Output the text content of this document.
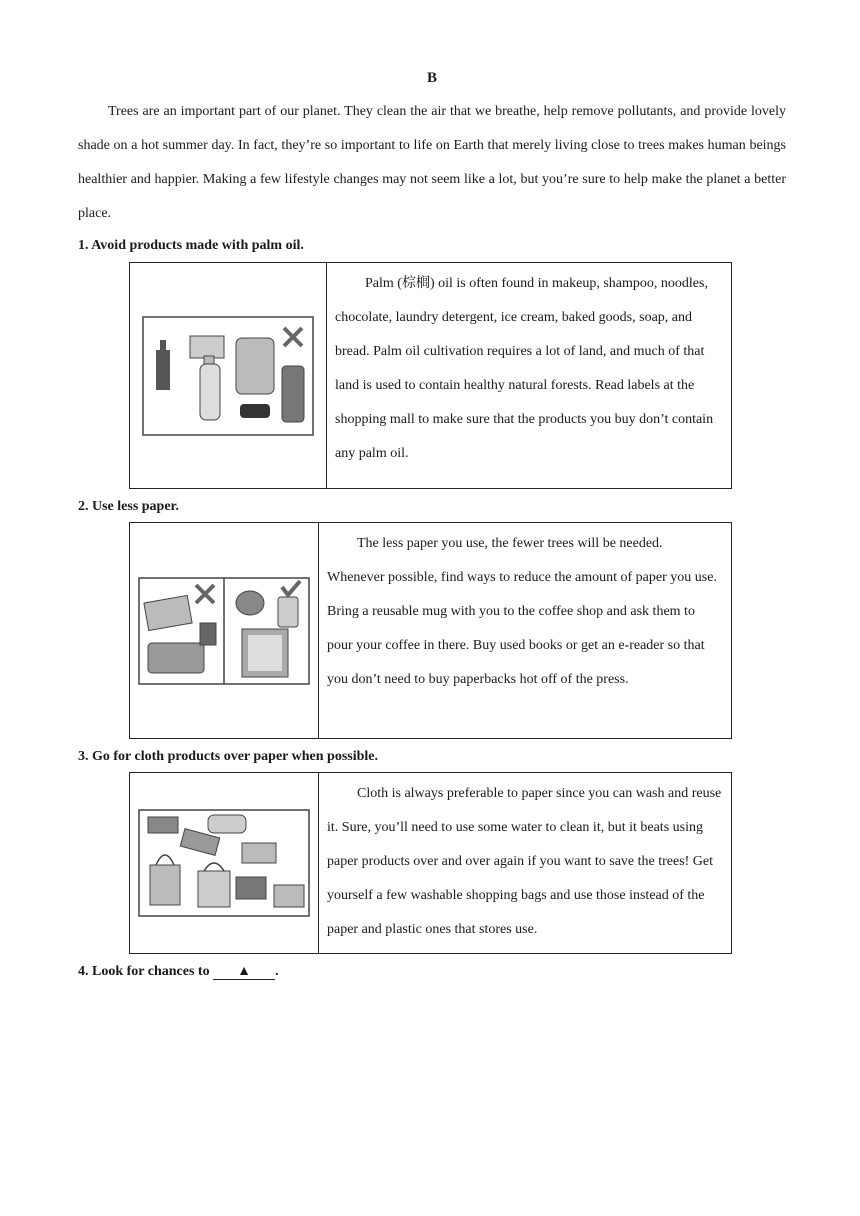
B

Trees are an important part of our planet. They clean the air that we breathe, help remove pollutants, and provide lovely shade on a hot summer day. In fact, they’re so important to life on Earth that merely living close to trees makes human beings healthier and happier. Making a few lifestyle changes may not seem like a lot, but you’re sure to help make the planet a better place.

1. Avoid products made with palm oil.

Palm (棕榈) oil is often found in makeup, shampoo, noodles, chocolate, laundry detergent, ice cream, baked goods, soap, and bread. Palm oil cultivation requires a lot of land, and much of that land is used to contain healthy natural forests. Read labels at the shopping mall to make sure that the products you buy don’t contain any palm oil.

2. Use less paper.

The less paper you use, the fewer trees will be needed. Whenever possible, find ways to reduce the amount of paper you use. Bring a reusable mug with you to the coffee shop and ask them to pour your coffee in there. Buy used books or get an e-reader so that you don’t need to buy paperbacks hot off of the press.

3. Go for cloth products over paper when possible.

Cloth is always preferable to paper since you can wash and reuse it. Sure, you’ll need to use some water to clean it, but it beats using paper products over and over again if you want to save the trees! Get yourself a few washable shopping bags and use those instead of the paper and plastic ones that stores use.

4. Look for chances to ▲ .
